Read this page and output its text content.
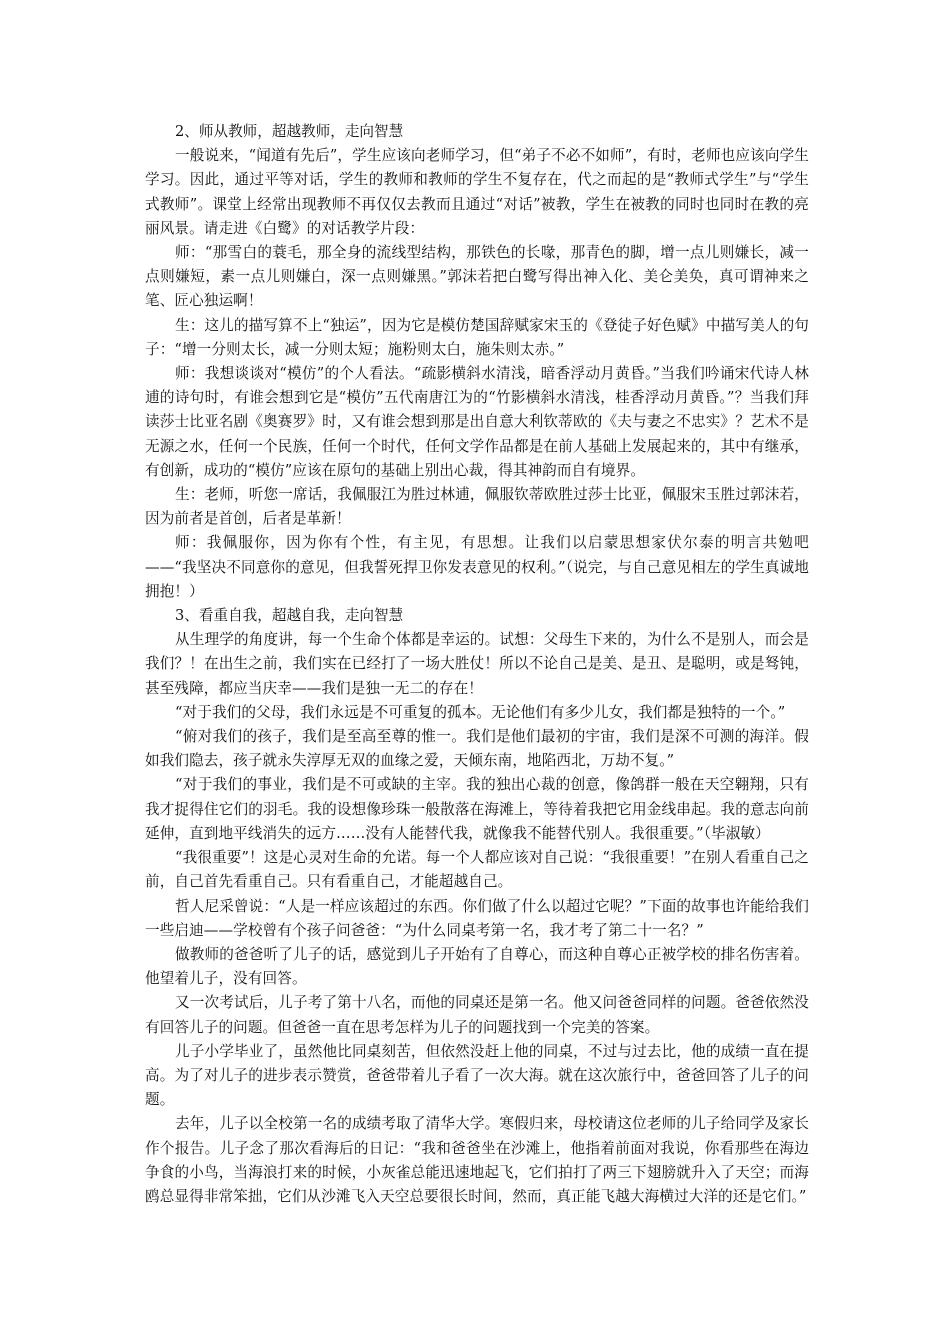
2、师从教师，超越教师，走向智慧

一般说来，“闻道有先后”，学生应该向老师学习，但“弟子不必不如师”，有时，老师也应该向学生学习。因此，通过平等对话，学生的教师和教师的学生不复存在，代之而起的是“教师式学生”与“学生式教师”。课堂上经常出现教师不再仅仅去教而且通过“对话”被教，学生在被教的同时也同时在教的亮丽风景。请走进《白鹭》的对话教学片段：

师：“那雪白的蓑毛，那全身的流线型结构，那铁色的长喙，那青色的脚，增一点儿则嫌长，减一点则嫌短，素一点儿则嫌白，深一点则嫌黑。”郭沫若把白鹭写得出神入化、美仑美奂，真可谓神来之笔、匠心独运啊！

生：这儿的描写算不上“独运”，因为它是模仿楚国辞赋家宋玉的《登徒子好色赋》中描写美人的句子：“增一分则太长，减一分则太短；施粉则太白，施朱则太赤。”

师：我想谈谈对“模仿”的个人看法。“疏影横斜水清浅，暗香浮动月黄昏。”当我们吟诵宋代诗人林逋的诗句时，有谁会想到它是“模仿”五代南唐江为的“竹影横斜水清浅，桂香浮动月黄昏。”？当我们拜读莎士比亚名剧《奥赛罗》时，又有谁会想到那是出自意大利钦蒂欧的《夫与妻之不忠实》？艺术不是无源之水，任何一个民族，任何一个时代，任何文学作品都是在前人基础上发展起来的，其中有继承，有创新，成功的“模仿”应该在原句的基础上别出心裁，得其神韵而自有境界。

生：老师，听您一席话，我佩服江为胜过林逋，佩服钦蒂欧胜过莎士比亚，佩服宋玉胜过郭沫若，因为前者是首创，后者是革新！

师：我佩服你，因为你有个性，有主见，有思想。让我们以启蒙思想家伏尔泰的明言共勉吧——“我坚决不同意你的意见，但我誓死捍卫你发表意见的权利。”（说完，与自己意见相左的学生真诚地拥抱！）

3、看重自我，超越自我，走向智慧

从生理学的角度讲，每一个生命个体都是幸运的。试想：父母生下来的，为什么不是别人，而会是我们？！在出生之前，我们实在已经打了一场大胜仗！所以不论自己是美、是丑、是聪明，或是驽钝，甚至残障，都应当庆幸——我们是独一无二的存在！

“对于我们的父母，我们永远是不可重复的孤本。无论他们有多少儿女，我们都是独特的一个。”

“俯对我们的孩子，我们是至高至尊的惟一。我们是他们最初的宇宙，我们是深不可测的海洋。假如我们隐去，孩子就永失淳厚无双的血缘之爱，天倾东南，地陷西北，万劫不复。”

“对于我们的事业，我们是不可或缺的主宰。我的独出心裁的创意，像鸽群一般在天空翱翔，只有我才捉得住它们的羽毛。我的设想像珍珠一般散落在海滩上，等待着我把它用金线串起。我的意志向前延伸，直到地平线消失的远方……没有人能替代我，就像我不能替代别人。我很重要。”（毕淑敏）

“我很重要”！这是心灵对生命的允诺。每一个人都应该对自己说：“我很重要！”在别人看重自己之前，自己首先看重自己。只有看重自己，才能超越自己。

哲人尼采曾说：“人是一样应该超过的东西。你们做了什么以超过它呢？”下面的故事也许能给我们一些启迪——学校曾有个孩子问爸爸：“为什么同桌考第一名，我才考了第二十一名？”

做教师的爸爸听了儿子的话，感觉到儿子开始有了自尊心，而这种自尊心正被学校的排名伤害着。他望着儿子，没有回答。

又一次考试后，儿子考了第十八名，而他的同桌还是第一名。他又问爸爸同样的问题。爸爸依然没有回答儿子的问题。但爸爸一直在思考怎样为儿子的问题找到一个完美的答案。

儿子小学毕业了，虽然他比同桌刻苦，但依然没赶上他的同桌，不过与过去比，他的成绩一直在提高。为了对儿子的进步表示赞赏，爸爸带着儿子看了一次大海。就在这次旅行中，爸爸回答了儿子的问题。

去年，儿子以全校第一名的成绩考取了清华大学。寒假归来，母校请这位老师的儿子给同学及家长作个报告。儿子念了那次看海后的日记：“我和爸爸坐在沙滩上，他指着前面对我说，你看那些在海边争食的小鸟，当海浪打来的时候，小灰雀总能迅速地起飞，它们拍打了两三下翅膀就升入了天空；而海鸥总显得非常笨拙，它们从沙滩飞入天空总要很长时间，然而，真正能飞越大海横过大洋的还是它们。”
